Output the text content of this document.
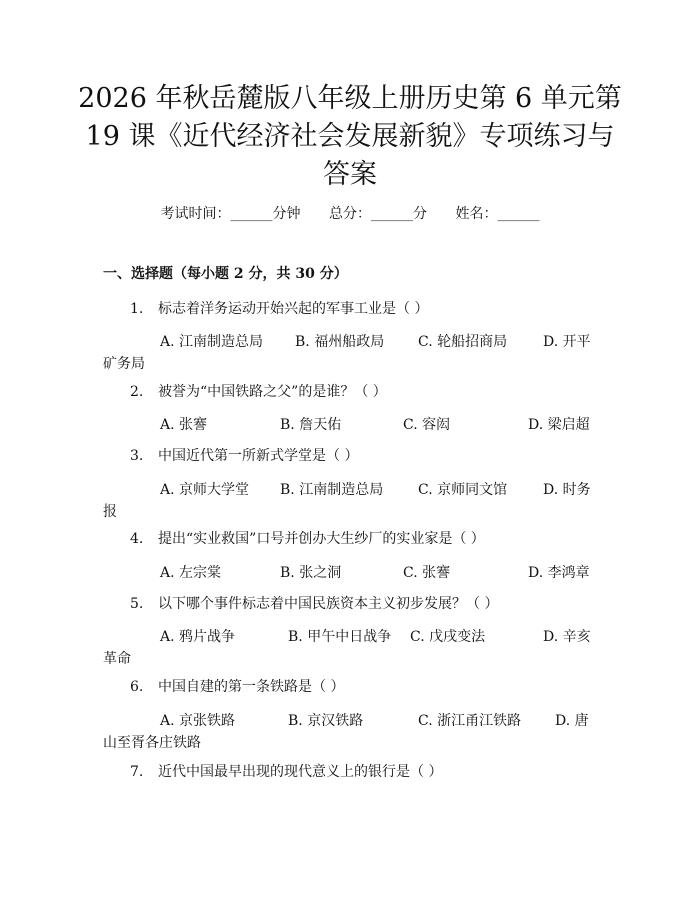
2026 年秋岳麓版八年级上册历史第 6 单元第
19 课《近代经济社会发展新貌》专项练习与
答案
考试时间：______分钟 总分：______分 姓名：______
一、选择题（每小题 2 分，共 30 分）
1. 标志着洋务运动开始兴起的军事工业是（ ）
A. 江南制造总局 B. 福州船政局 C. 轮船招商局	D. 开平
矿务局
2. 被誉为“中国铁路之父”的是谁？（ ）
A. 张謇	B. 詹天佑	C. 容闳	D. 梁启超
3. 中国近代第一所新式学堂是（ ）
A. 京师大学堂 B. 江南制造总局 C. 京师同文馆	D. 时务
报
4. 提出“实业救国”口号并创办大生纱厂的实业家是（ ）
A. 左宗棠	B. 张之洞	C. 张謇	D. 李鸿章
5. 以下哪个事件标志着中国民族资本主义初步发展？（ ）
A. 鸦片战争	B. 甲午中日战争 C. 戊戌变法	D. 辛亥
革命
6. 中国自建的第一条铁路是（ ）
A. 京张铁路	B. 京汉铁路	C. 浙江甬江铁路 D. 唐
山至胥各庄铁路
7. 近代中国最早出现的现代意义上的银行是（ ）
